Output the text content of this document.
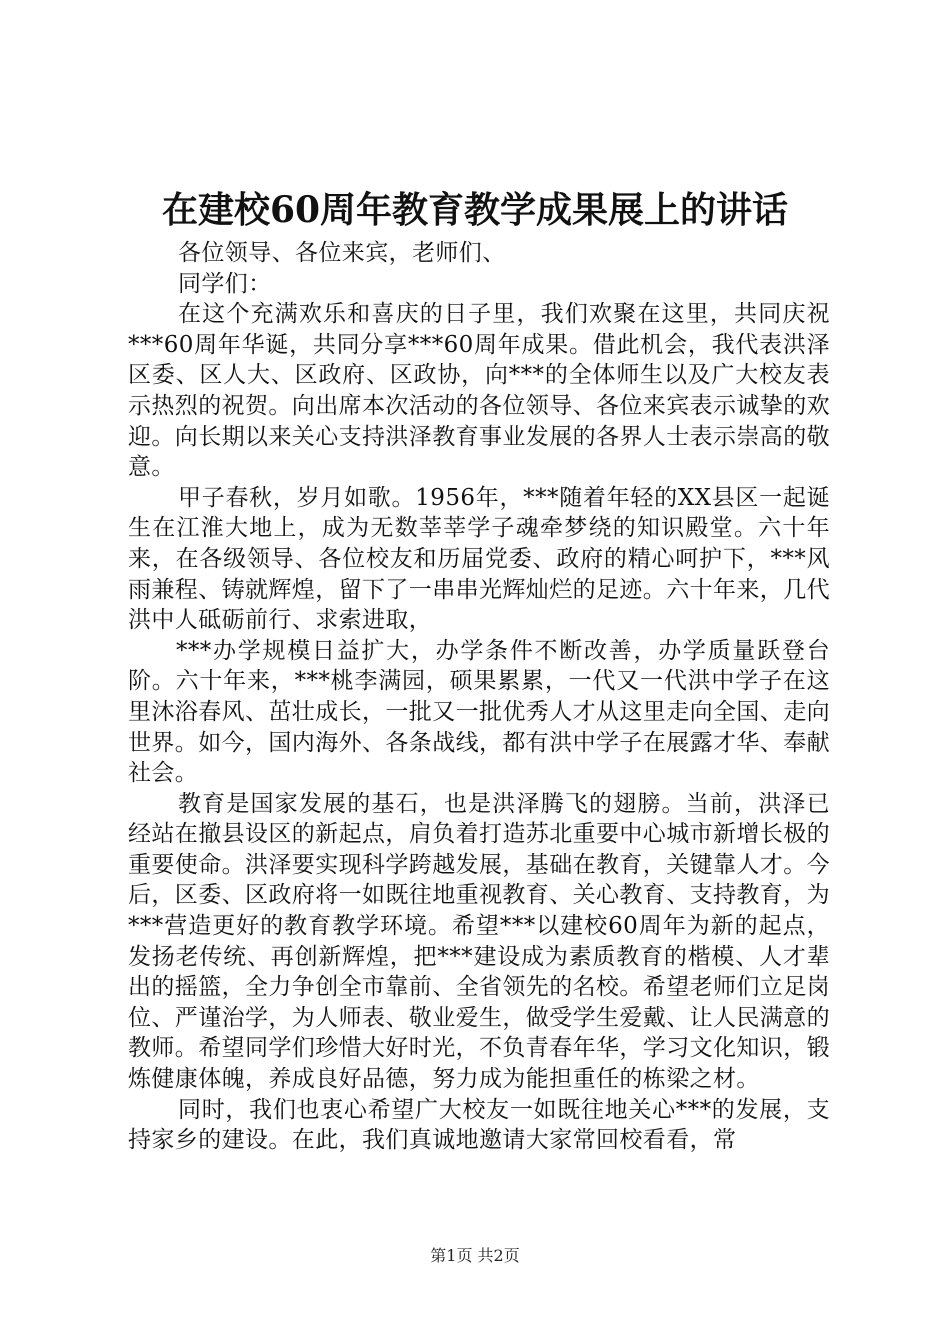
在建校60周年教育教学成果展上的讲话

各位领导、各位来宾，老师们、

同学们：

在这个充满欢乐和喜庆的日子里，我们欢聚在这里，共同庆祝***60周年华诞，共同分享***60周年成果。借此机会，我代表洪泽区委、区人大、区政府、区政协，向***的全体师生以及广大校友表示热烈的祝贺。向出席本次活动的各位领导、各位来宾表示诚挚的欢迎。向长期以来关心支持洪泽教育事业发展的各界人士表示崇高的敬意。

甲子春秋，岁月如歌。1956年，***随着年轻的XX县区一起诞生在江淮大地上，成为无数莘莘学子魂牵梦绕的知识殿堂。六十年来，在各级领导、各位校友和历届党委、政府的精心呵护下，***风雨兼程、铸就辉煌，留下了一串串光辉灿烂的足迹。六十年来，几代洪中人砥砺前行、求索进取，

***办学规模日益扩大，办学条件不断改善，办学质量跃登台阶。六十年来，***桃李满园，硕果累累，一代又一代洪中学子在这里沐浴春风、茁壮成长，一批又一批优秀人才从这里走向全国、走向世界。如今，国内海外、各条战线，都有洪中学子在展露才华、奉献社会。

教育是国家发展的基石，也是洪泽腾飞的翅膀。当前，洪泽已经站在撤县设区的新起点，肩负着打造苏北重要中心城市新增长极的重要使命。洪泽要实现科学跨越发展，基础在教育，关键靠人才。今后，区委、区政府将一如既往地重视教育、关心教育、支持教育，为***营造更好的教育教学环境。希望***以建校60周年为新的起点，发扬老传统、再创新辉煌，把***建设成为素质教育的楷模、人才辈出的摇篮，全力争创全市靠前、全省领先的名校。希望老师们立足岗位、严谨治学，为人师表、敬业爱生，做受学生爱戴、让人民满意的教师。希望同学们珍惜大好时光，不负青春年华，学习文化知识，锻炼健康体魄，养成良好品德，努力成为能担重任的栋梁之材。

同时，我们也衷心希望广大校友一如既往地关心***的发展，支持家乡的建设。在此，我们真诚地邀请大家常回校看看，常

第1页 共2页
